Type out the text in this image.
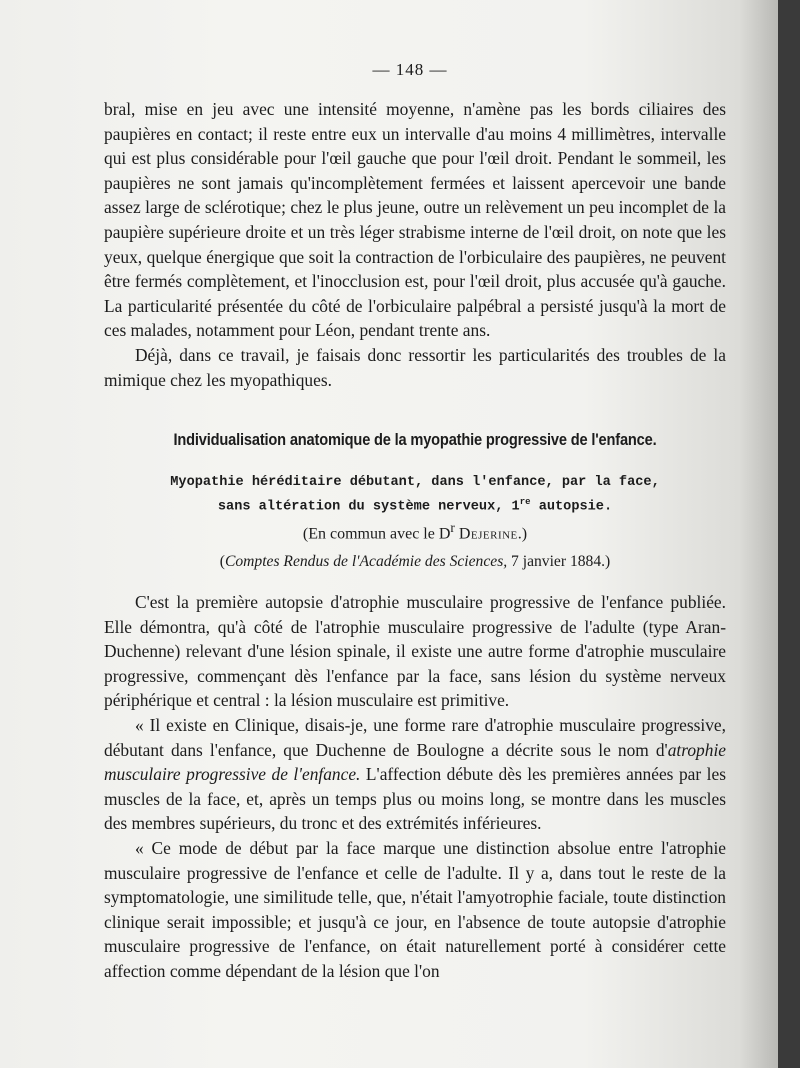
— 148 —

bral, mise en jeu avec une intensité moyenne, n'amène pas les bords ciliaires des paupières en contact; il reste entre eux un intervalle d'au moins 4 millimètres, intervalle qui est plus considérable pour l'œil gauche que pour l'œil droit. Pendant le sommeil, les paupières ne sont jamais qu'incomplètement fermées et laissent apercevoir une bande assez large de sclérotique; chez le plus jeune, outre un relèvement un peu incomplet de la paupière supérieure droite et un très léger strabisme interne de l'œil droit, on note que les yeux, quelque énergique que soit la contraction de l'orbiculaire des paupières, ne peuvent être fermés complètement, et l'inocclusion est, pour l'œil droit, plus accusée qu'à gauche. La particularité présentée du côté de l'orbiculaire palpébral a persisté jusqu'à la mort de ces malades, notamment pour Léon, pendant trente ans.

Déjà, dans ce travail, je faisais donc ressortir les particularités des troubles de la mimique chez les myopathiques.

Individualisation anatomique de la myopathie progressive de l'enfance.
Myopathie héréditaire débutant, dans l'enfance, par la face,
sans altération du système nerveux, 1re autopsie.
(En commun avec le $D^r$ Dejerine.)
(Comptes Rendus de l'Académie des Sciences, 7 janvier 1884.)

C'est la première autopsie d'atrophie musculaire progressive de l'enfance publiée. Elle démontra, qu'à côté de l'atrophie musculaire progressive de l'adulte (type Aran-Duchenne) relevant d'une lésion spinale, il existe une autre forme d'atrophie musculaire progressive, commençant dès l'enfance par la face, sans lésion du système nerveux périphérique et central : la lésion musculaire est primitive.

« Il existe en Clinique, disais-je, une forme rare d'atrophie musculaire progressive, débutant dans l'enfance, que Duchenne de Boulogne a décrite sous le nom d'atrophie musculaire progressive de l'enfance. L'affection débute dès les premières années par les muscles de la face, et, après un temps plus ou moins long, se montre dans les muscles des membres supérieurs, du tronc et des extrémités inférieures.

« Ce mode de début par la face marque une distinction absolue entre l'atrophie musculaire progressive de l'enfance et celle de l'adulte. Il y a, dans tout le reste de la symptomatologie, une similitude telle, que, n'était l'amyotrophie faciale, toute distinction clinique serait impossible; et jusqu'à ce jour, en l'absence de toute autopsie d'atrophie musculaire progressive de l'enfance, on était naturellement porté à considérer cette affection comme dépendant de la lésion que l'on
